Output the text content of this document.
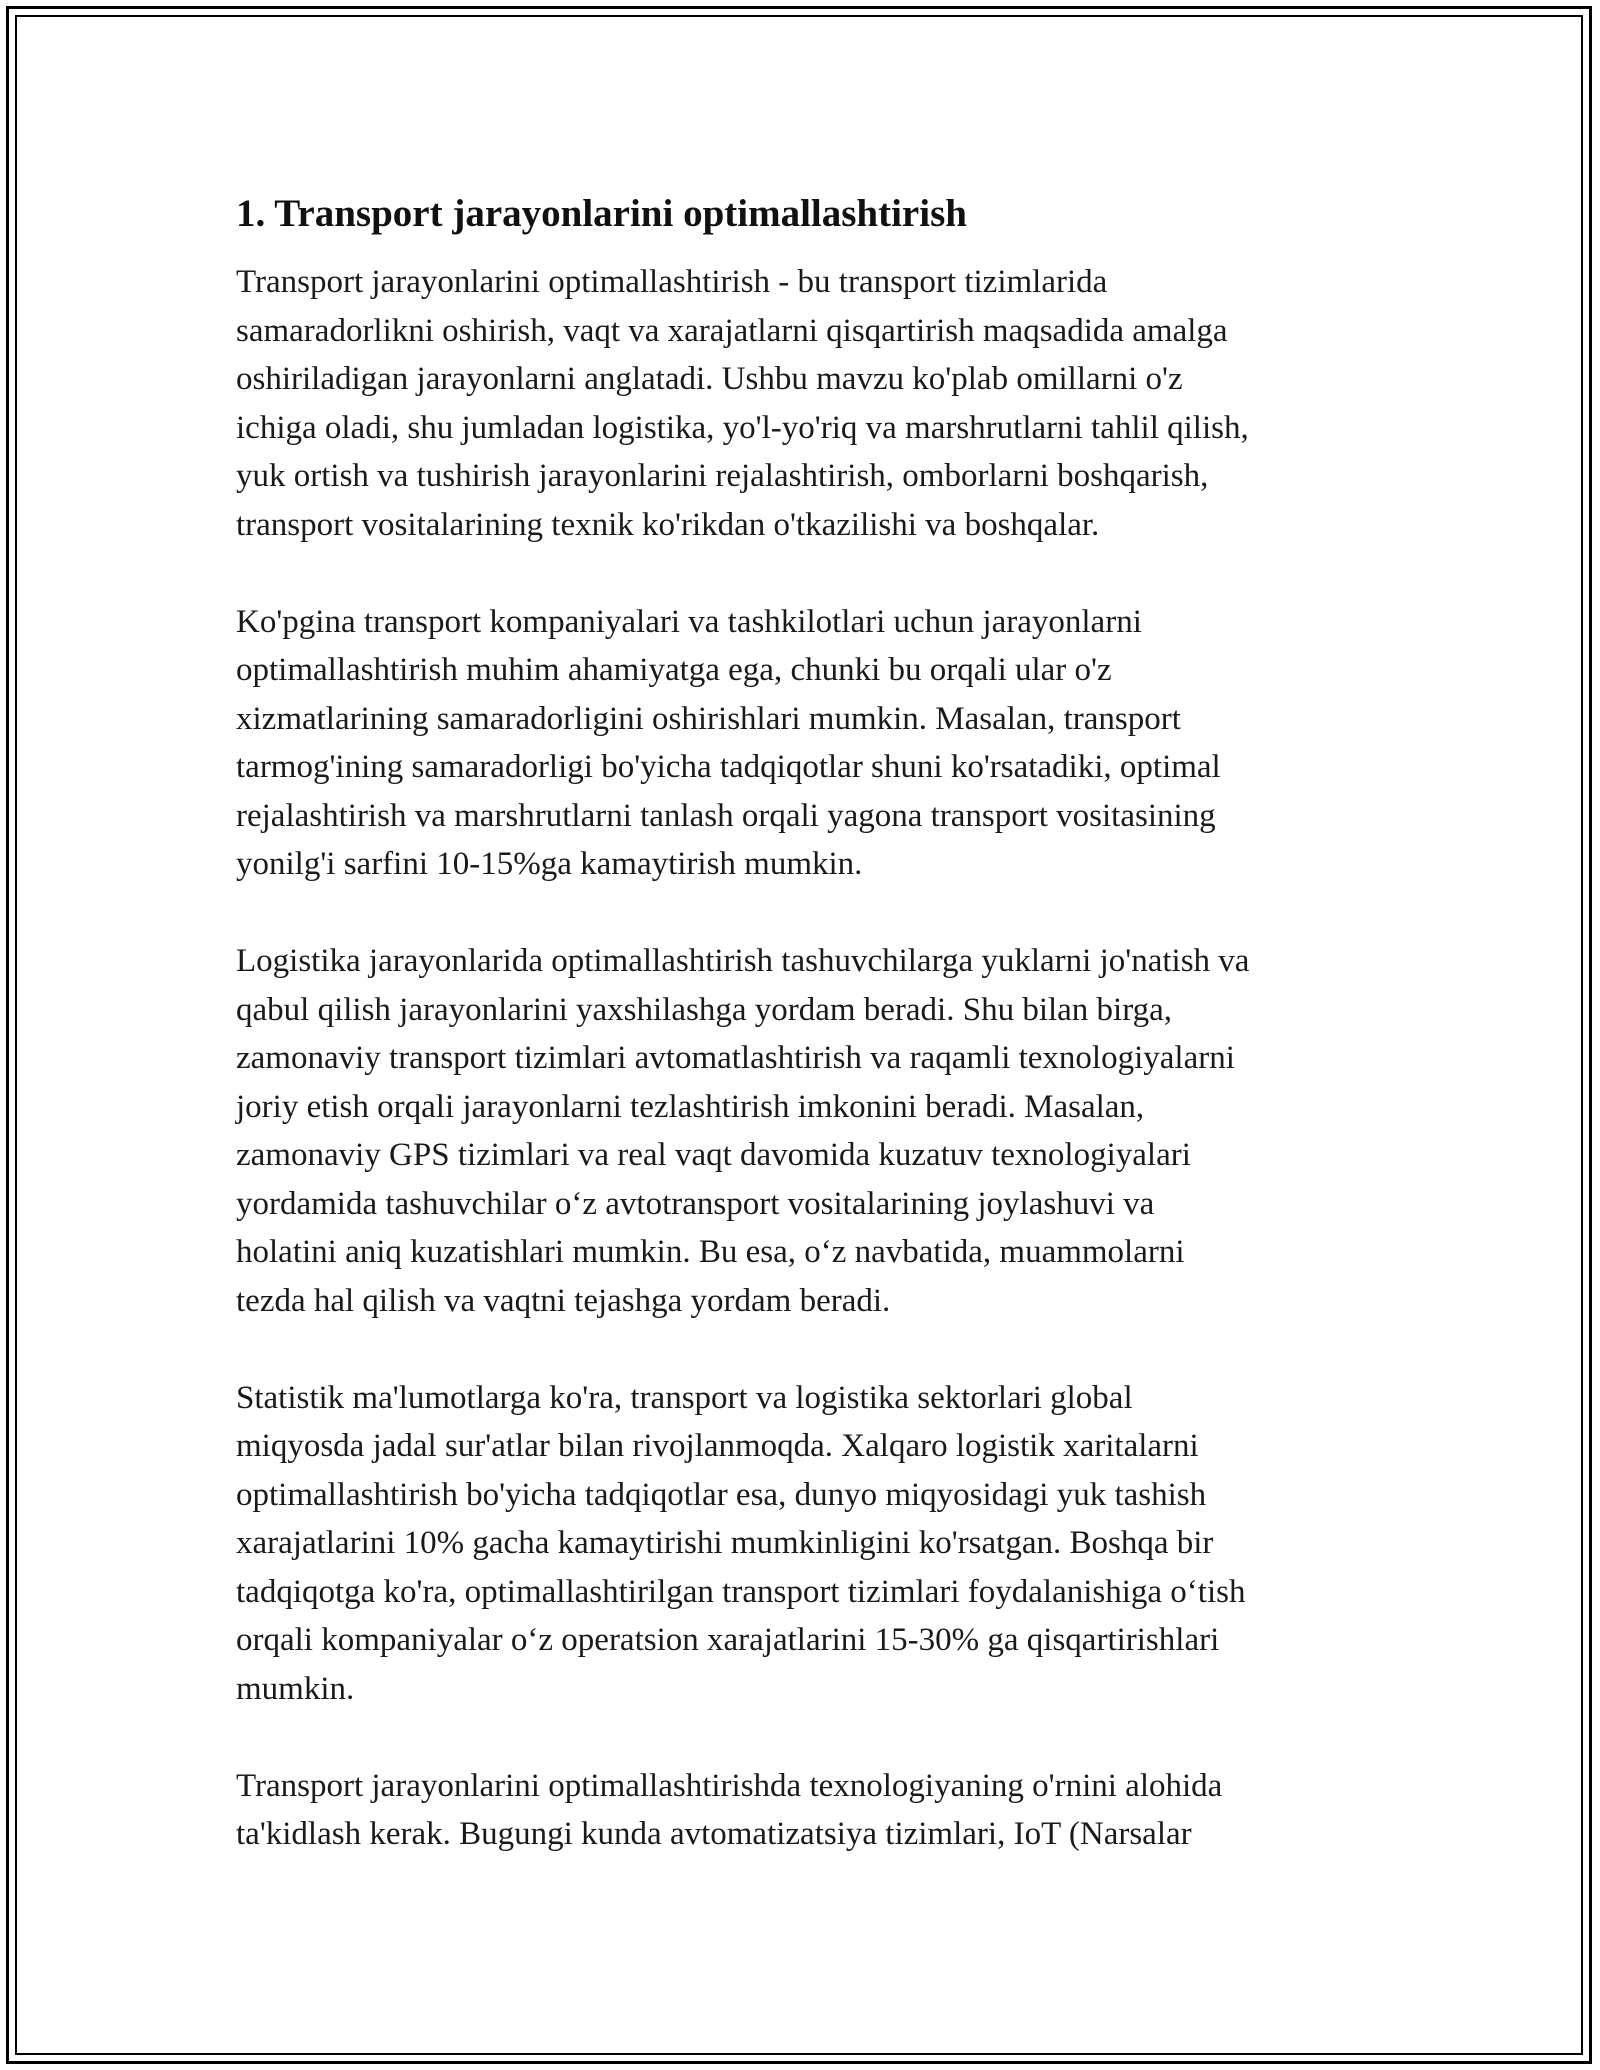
1. Transport jarayonlarini optimallashtirish

Transport jarayonlarini optimallashtirish - bu transport tizimlarida
samaradorlikni oshirish, vaqt va xarajatlarni qisqartirish maqsadida amalga
oshiriladigan jarayonlarni anglatadi. Ushbu mavzu ko'plab omillarni o'z
ichiga oladi, shu jumladan logistika, yo'l-yo'riq va marshrutlarni tahlil qilish,
yuk ortish va tushirish jarayonlarini rejalashtirish, omborlarni boshqarish,
transport vositalarining texnik ko'rikdan o'tkazilishi va boshqalar.

Ko'pgina transport kompaniyalari va tashkilotlari uchun jarayonlarni
optimallashtirish muhim ahamiyatga ega, chunki bu orqali ular o'z
xizmatlarining samaradorligini oshirishlari mumkin. Masalan, transport
tarmog'ining samaradorligi bo'yicha tadqiqotlar shuni ko'rsatadiki, optimal
rejalashtirish va marshrutlarni tanlash orqali yagona transport vositasining
yonilg'i sarfini 10-15%ga kamaytirish mumkin.

Logistika jarayonlarida optimallashtirish tashuvchilarga yuklarni jo'natish va
qabul qilish jarayonlarini yaxshilashga yordam beradi. Shu bilan birga,
zamonaviy transport tizimlari avtomatlashtirish va raqamli texnologiyalarni
joriy etish orqali jarayonlarni tezlashtirish imkonini beradi. Masalan,
zamonaviy GPS tizimlari va real vaqt davomida kuzatuv texnologiyalari
yordamida tashuvchilar o‘z avtotransport vositalarining joylashuvi va
holatini aniq kuzatishlari mumkin. Bu esa, o‘z navbatida, muammolarni
tezda hal qilish va vaqtni tejashga yordam beradi.

Statistik ma'lumotlarga ko'ra, transport va logistika sektorlari global
miqyosda jadal sur'atlar bilan rivojlanmoqda. Xalqaro logistik xaritalarni
optimallashtirish bo'yicha tadqiqotlar esa, dunyo miqyosidagi yuk tashish
xarajatlarini 10% gacha kamaytirishi mumkinligini ko'rsatgan. Boshqa bir
tadqiqotga ko'ra, optimallashtirilgan transport tizimlari foydalanishiga o‘tish
orqali kompaniyalar o‘z operatsion xarajatlarini 15-30% ga qisqartirishlari
mumkin.

Transport jarayonlarini optimallashtirishda texnologiyaning o'rnini alohida
ta'kidlash kerak. Bugungi kunda avtomatizatsiya tizimlari, IoT (Narsalar
